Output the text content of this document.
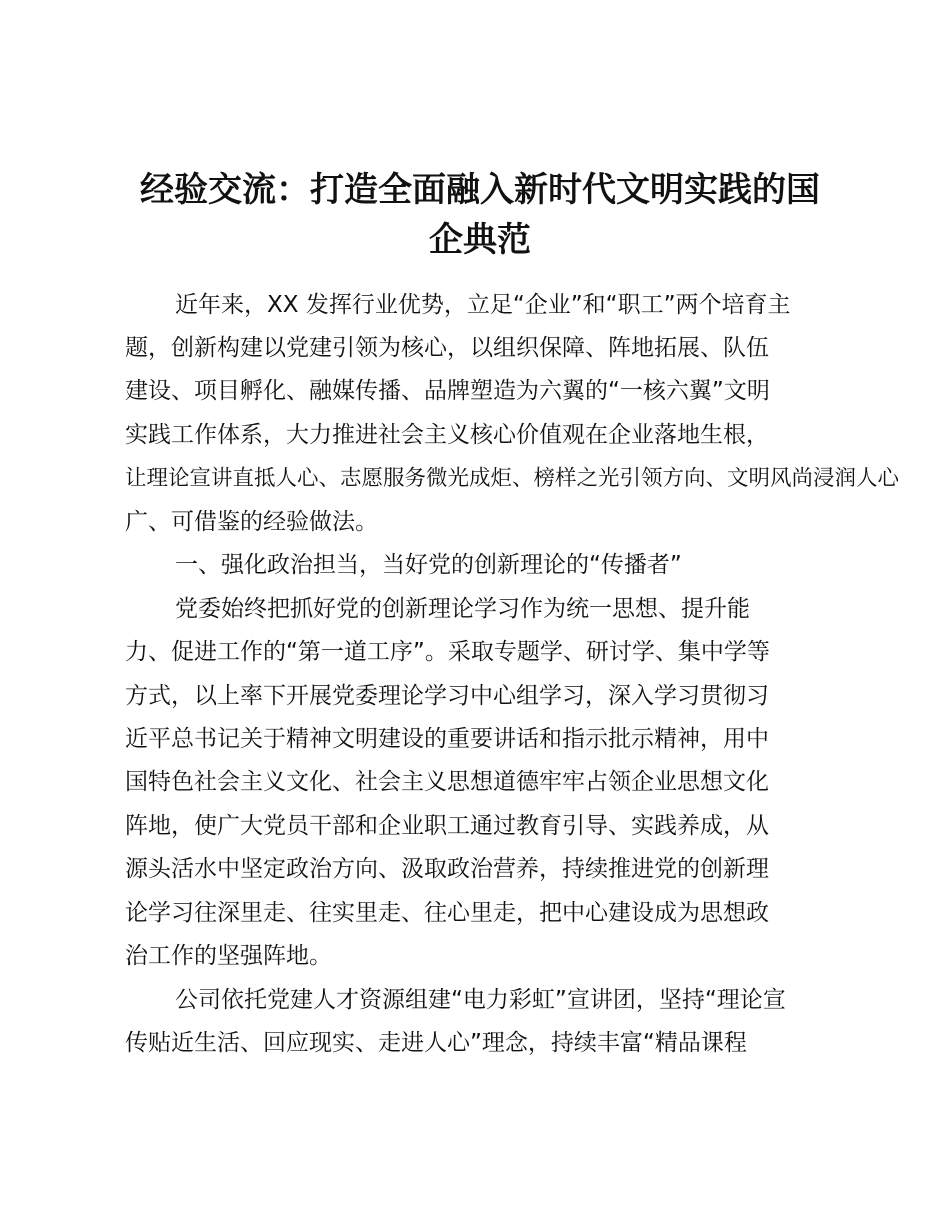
经验交流：打造全面融入新时代文明实践的国
企典范
近年来，XX 发挥行业优势，立足“企业”和“职工”两个培育主
题，创新构建以党建引领为核心，以组织保障、阵地拓展、队伍
建设、项目孵化、融媒传播、品牌塑造为六翼的“一核六翼”文明
实践工作体系，大力推进社会主义核心价值观在企业落地生根，
让理论宣讲直抵人心、志愿服务微光成炬、榜样之光引领方向、文明风尚浸润人心
广、可借鉴的经验做法。
一、强化政治担当，当好党的创新理论的“传播者”
党委始终把抓好党的创新理论学习作为统一思想、提升能
力、促进工作的“第一道工序”。采取专题学、研讨学、集中学等
方式，以上率下开展党委理论学习中心组学习，深入学习贯彻习
近平总书记关于精神文明建设的重要讲话和指示批示精神，用中
国特色社会主义文化、社会主义思想道德牢牢占领企业思想文化
阵地，使广大党员干部和企业职工通过教育引导、实践养成，从
源头活水中坚定政治方向、汲取政治营养，持续推进党的创新理
论学习往深里走、往实里走、往心里走，把中心建设成为思想政
治工作的坚强阵地。
公司依托党建人才资源组建“电力彩虹”宣讲团，坚持“理论宣
传贴近生活、回应现实、走进人心”理念，持续丰富“精品课程
